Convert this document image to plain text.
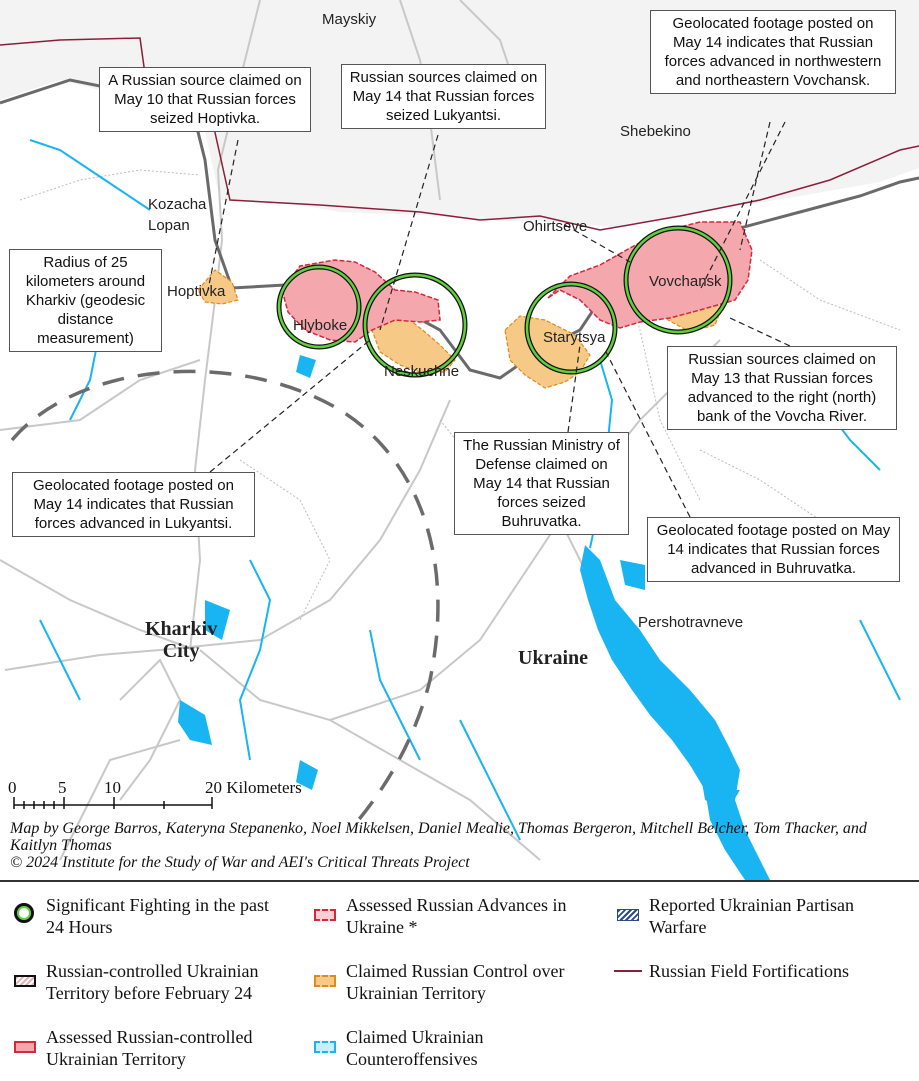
Mayskiy
Shebekino
Kozacha
Lopan	Ohirtseve
Hoptivka
Hlyboke
Neskuchne
Starytsya
Vovchansk
Kharkiv
City	Ukraine
Pershotravneve
A Russian source claimed on May 10 that Russian forces seized Hoptivka.
Russian sources claimed on May 14 that Russian forces seized Lukyantsi.
Geolocated footage posted on May 14 indicates that Russian forces advanced in northwestern and northeastern Vovchansk.
Radius of 25 kilometers around Kharkiv (geodesic distance measurement)
Russian sources claimed on May 13 that Russian forces advanced to the right (north) bank of the Vovcha River.
Geolocated footage posted on May 14 indicates that Russian forces advanced in Lukyantsi.
The Russian Ministry of Defense claimed on May 14 that Russian forces seized Buhruvatka.
Geolocated footage posted on May 14 indicates that Russian forces advanced in Buhruvatka.
0 5 10	20 Kilometers
Map by George Barros, Kateryna Stepanenko, Noel Mikkelsen, Daniel Mealie, Thomas Bergeron, Mitchell Belcher, Tom Thacker, and Kaitlyn Thomas
© 2024 Institute for the Study of War and AEI's Critical Threats Project
Significant Fighting in the past 24 Hours
Assessed Russian Advances in Ukraine *
Reported Ukrainian Partisan Warfare
Russian-controlled Ukrainian Territory before February 24
Claimed Russian Control over Ukrainian Territory
Russian Field Fortifications
Assessed Russian-controlled Ukrainian Territory
Claimed Ukrainian Counteroffensives
